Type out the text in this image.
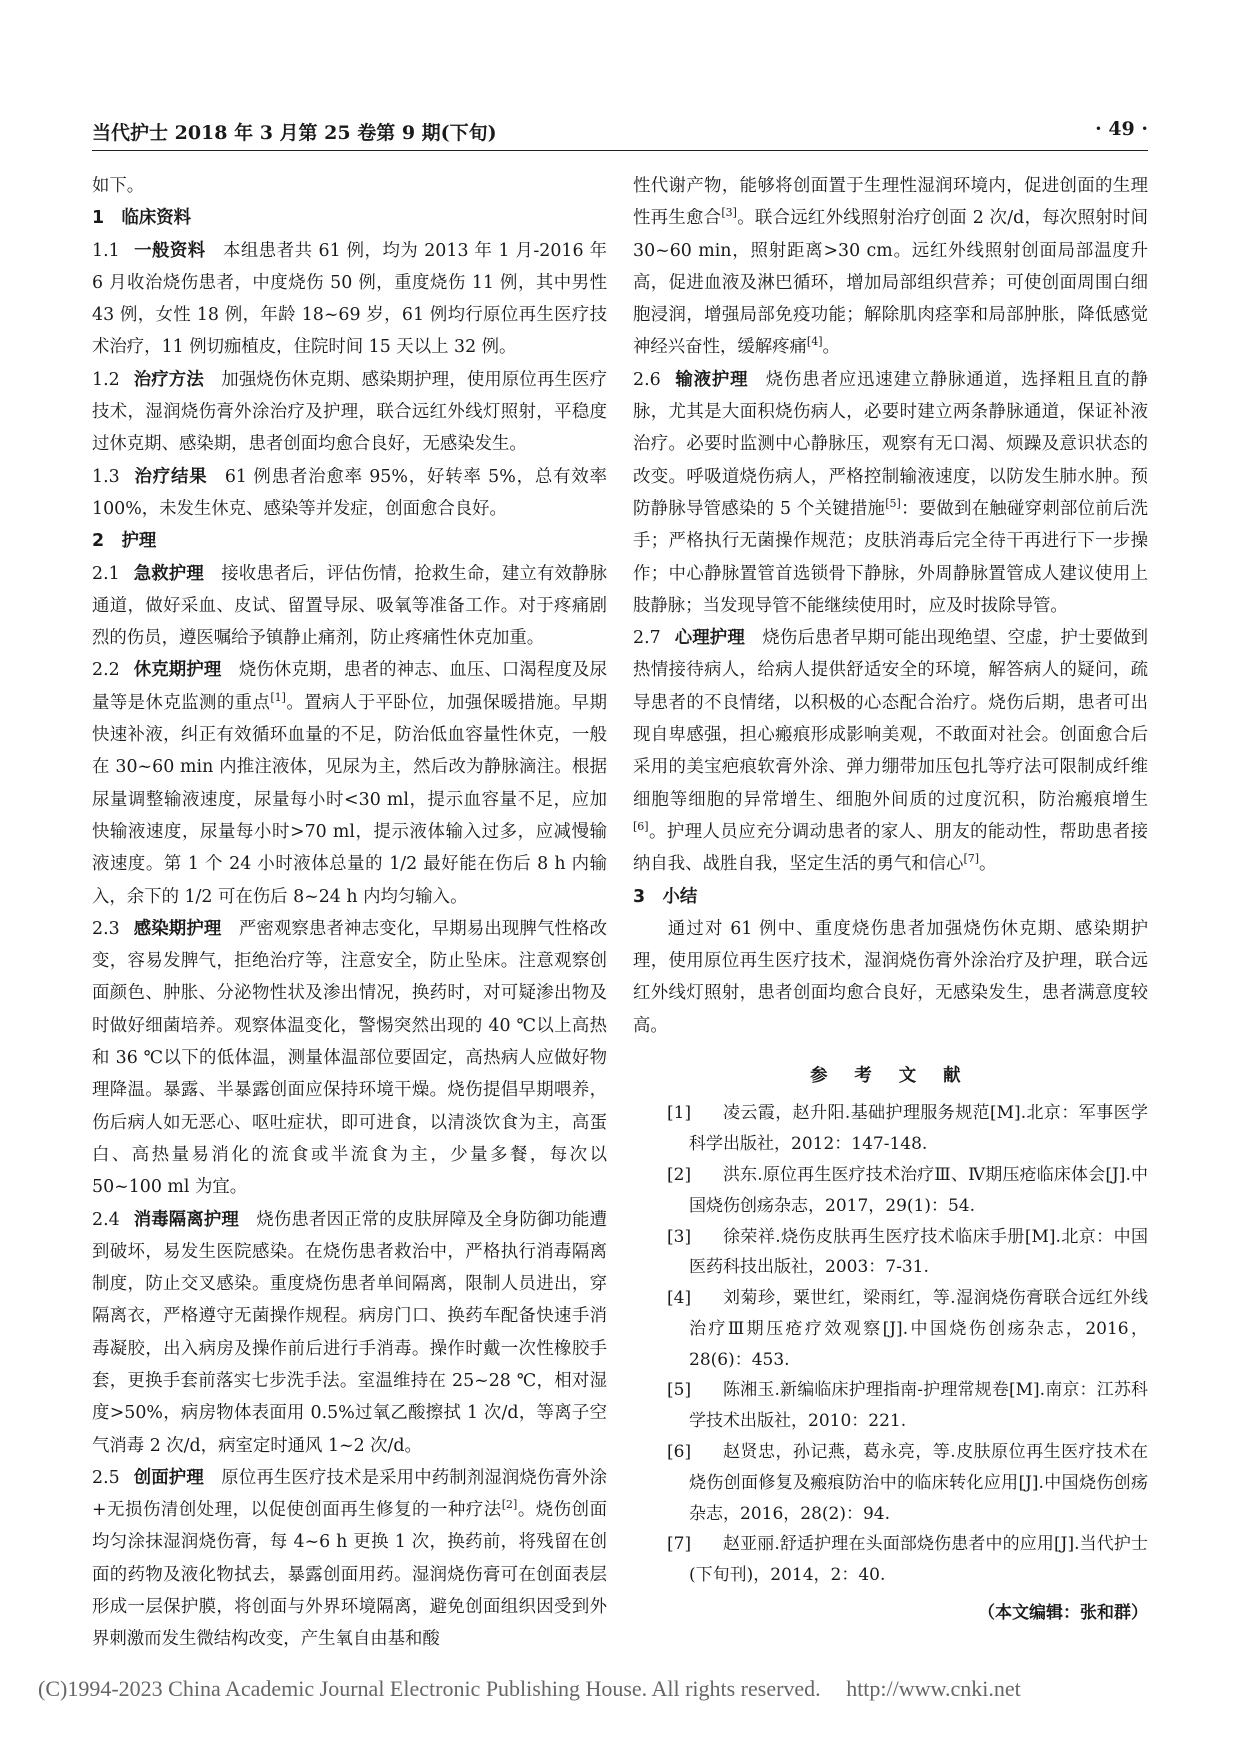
当代护士 2018 年 3 月第 25 卷第 9 期(下旬)	· 49 ·

如下。

1 临床资料

1.1 一般资料 本组患者共 61 例，均为 2013 年 1 月-2016 年 6 月收治烧伤患者，中度烧伤 50 例，重度烧伤 11 例，其中男性 43 例，女性 18 例，年龄 18~69 岁，61 例均行原位再生医疗技术治疗，11 例切痂植皮，住院时间 15 天以上 32 例。

1.2 治疗方法 加强烧伤休克期、感染期护理，使用原位再生医疗技术，湿润烧伤膏外涂治疗及护理，联合远红外线灯照射，平稳度过休克期、感染期，患者创面均愈合良好，无感染发生。

1.3 治疗结果 61 例患者治愈率 95%，好转率 5%，总有效率 100%，未发生休克、感染等并发症，创面愈合良好。

2 护理

2.1 急救护理 接收患者后，评估伤情，抢救生命，建立有效静脉通道，做好采血、皮试、留置导尿、吸氧等准备工作。对于疼痛剧烈的伤员，遵医嘱给予镇静止痛剂，防止疼痛性休克加重。

2.2 休克期护理 烧伤休克期，患者的神志、血压、口渴程度及尿量等是休克监测的重点[1]。置病人于平卧位，加强保暖措施。早期快速补液，纠正有效循环血量的不足，防治低血容量性休克，一般在 30~60 min 内推注液体，见尿为主，然后改为静脉滴注。根据尿量调整输液速度，尿量每小时<30 ml，提示血容量不足，应加快输液速度，尿量每小时>70 ml，提示液体输入过多，应减慢输液速度。第 1 个 24 小时液体总量的 1/2 最好能在伤后 8 h 内输入，余下的 1/2 可在伤后 8~24 h 内均匀输入。

2.3 感染期护理 严密观察患者神志变化，早期易出现脾气性格改变，容易发脾气，拒绝治疗等，注意安全，防止坠床。注意观察创面颜色、肿胀、分泌物性状及渗出情况，换药时，对可疑渗出物及时做好细菌培养。观察体温变化，警惕突然出现的 40 ℃以上高热和 36 ℃以下的低体温，测量体温部位要固定，高热病人应做好物理降温。暴露、半暴露创面应保持环境干燥。烧伤提倡早期喂养，伤后病人如无恶心、呕吐症状，即可进食，以清淡饮食为主，高蛋白、高热量易消化的流食或半流食为主，少量多餐，每次以 50~100 ml 为宜。

2.4 消毒隔离护理 烧伤患者因正常的皮肤屏障及全身防御功能遭到破坏，易发生医院感染。在烧伤患者救治中，严格执行消毒隔离制度，防止交叉感染。重度烧伤患者单间隔离，限制人员进出，穿隔离衣，严格遵守无菌操作规程。病房门口、换药车配备快速手消毒凝胶，出入病房及操作前后进行手消毒。操作时戴一次性橡胶手套，更换手套前落实七步洗手法。室温维持在 25~28 ℃，相对湿度>50%，病房物体表面用 0.5%过氧乙酸擦拭 1 次/d，等离子空气消毒 2 次/d，病室定时通风 1~2 次/d。

2.5 创面护理 原位再生医疗技术是采用中药制剂湿润烧伤膏外涂+无损伤清创处理，以促使创面再生修复的一种疗法[2]。烧伤创面均匀涂抹湿润烧伤膏，每 4~6 h 更换 1 次，换药前，将残留在创面的药物及液化物拭去，暴露创面用药。湿润烧伤膏可在创面表层形成一层保护膜，将创面与外界环境隔离，避免创面组织因受到外界刺激而发生微结构改变，产生氧自由基和酸

性代谢产物，能够将创面置于生理性湿润环境内，促进创面的生理性再生愈合[3]。联合远红外线照射治疗创面 2 次/d，每次照射时间 30~60 min，照射距离>30 cm。远红外线照射创面局部温度升高，促进血液及淋巴循环，增加局部组织营养；可使创面周围白细胞浸润，增强局部免疫功能；解除肌肉痉挛和局部肿胀，降低感觉神经兴奋性，缓解疼痛[4]。

2.6 输液护理 烧伤患者应迅速建立静脉通道，选择粗且直的静脉，尤其是大面积烧伤病人，必要时建立两条静脉通道，保证补液治疗。必要时监测中心静脉压，观察有无口渴、烦躁及意识状态的改变。呼吸道烧伤病人，严格控制输液速度，以防发生肺水肿。预防静脉导管感染的 5 个关键措施[5]：要做到在触碰穿刺部位前后洗手；严格执行无菌操作规范；皮肤消毒后完全待干再进行下一步操作；中心静脉置管首选锁骨下静脉，外周静脉置管成人建议使用上肢静脉；当发现导管不能继续使用时，应及时拔除导管。

2.7 心理护理 烧伤后患者早期可能出现绝望、空虚，护士要做到热情接待病人，给病人提供舒适安全的环境，解答病人的疑问，疏导患者的不良情绪，以积极的心态配合治疗。烧伤后期，患者可出现自卑感强，担心瘢痕形成影响美观，不敢面对社会。创面愈合后采用的美宝疤痕软膏外涂、弹力绷带加压包扎等疗法可限制成纤维细胞等细胞的异常增生、细胞外间质的过度沉积，防治瘢痕增生[6]。护理人员应充分调动患者的家人、朋友的能动性，帮助患者接纳自我、战胜自我，坚定生活的勇气和信心[7]。

3 小结

通过对 61 例中、重度烧伤患者加强烧伤休克期、感染期护理，使用原位再生医疗技术，湿润烧伤膏外涂治疗及护理，联合远红外线灯照射，患者创面均愈合良好，无感染发生，患者满意度较高。

参 考 文 献

[1] 凌云霞，赵升阳.基础护理服务规范[M].北京：军事医学科学出版社，2012：147-148.

[2] 洪东.原位再生医疗技术治疗Ⅲ、Ⅳ期压疮临床体会[J].中国烧伤创疡杂志，2017，29(1)：54.

[3] 徐荣祥.烧伤皮肤再生医疗技术临床手册[M].北京：中国医药科技出版社，2003：7-31.

[4] 刘菊珍，粟世红，梁雨红，等.湿润烧伤膏联合远红外线治疗Ⅲ期压疮疗效观察[J].中国烧伤创疡杂志，2016，28(6)：453.

[5] 陈湘玉.新编临床护理指南-护理常规卷[M].南京：江苏科学技术出版社，2010：221.

[6] 赵贤忠，孙记燕，葛永亮，等.皮肤原位再生医疗技术在烧伤创面修复及瘢痕防治中的临床转化应用[J].中国烧伤创疡杂志，2016，28(2)：94.

[7] 赵亚丽.舒适护理在头面部烧伤患者中的应用[J].当代护士(下旬刊)，2014，2：40.

（本文编辑：张和群）
(C)1994-2023 China Academic Journal Electronic Publishing House. All rights reserved. http://www.cnki.net
